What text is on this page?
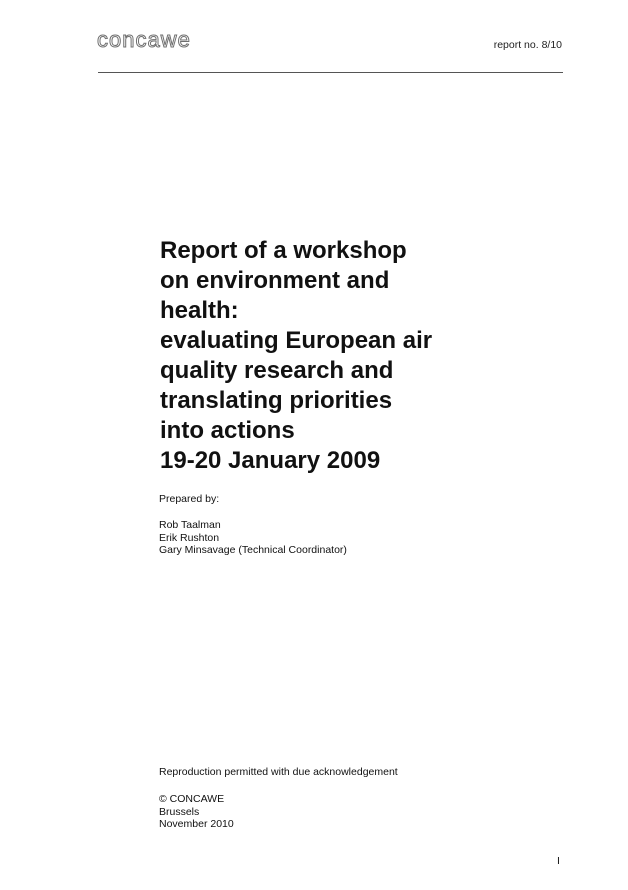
concawe	report no. 8/10
Report of a workshop
on environment and
health:
evaluating European air
quality research and
translating priorities
into actions
19-20 January 2009
Prepared by:
Rob Taalman
Erik Rushton
Gary Minsavage (Technical Coordinator)
Reproduction permitted with due acknowledgement
© CONCAWE
Brussels
November 2010
I
